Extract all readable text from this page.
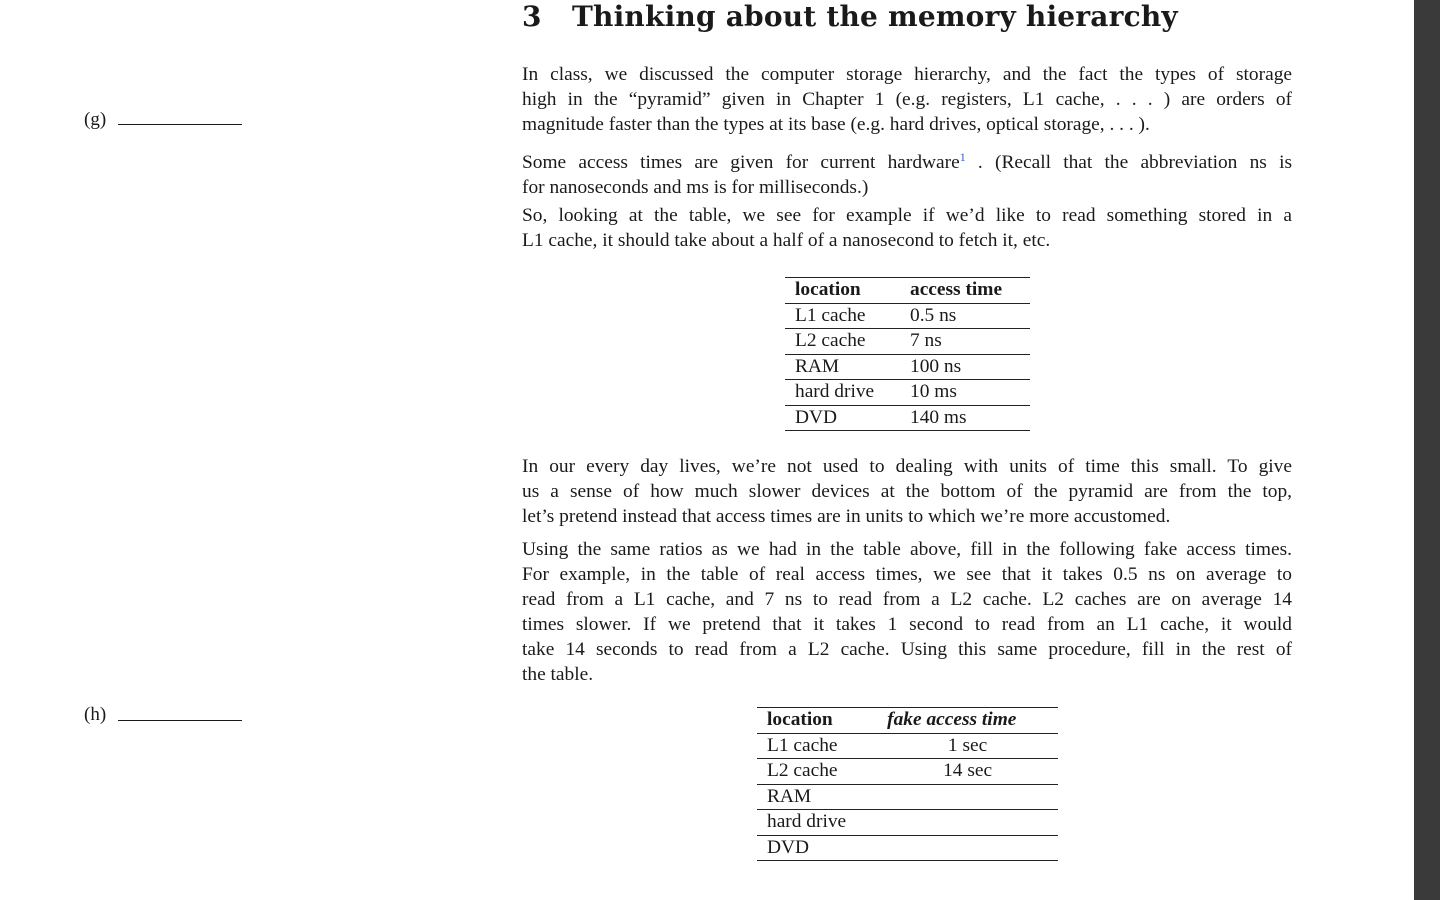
3 Thinking about the memory hierarchy

In class, we discussed the computer storage hierarchy, and the fact the types of storage
high in the “pyramid” given in Chapter 1 (e.g. registers, L1 cache, . . . ) are orders of
magnitude faster than the types at its base (e.g. hard drives, optical storage, . . . ).

Some access times are given for current hardware$^1$ . (Recall that the abbreviation ns is
for nanoseconds and ms is for milliseconds.)

So, looking at the table, we see for example if we’d like to read something stored in a
L1 cache, it should take about a half of a nanosecond to fetch it, etc.

(g)
location	access time
L1 cache	0.5 ns
L2 cache	7 ns
RAM	100 ns
hard drive	10 ms
DVD	140 ms

In our every day lives, we’re not used to dealing with units of time this small. To give
us a sense of how much slower devices at the bottom of the pyramid are from the top,
let’s pretend instead that access times are in units to which we’re more accustomed.

Using the same ratios as we had in the table above, fill in the following fake access times.
For example, in the table of real access times, we see that it takes 0.5 ns on average to
read from a L1 cache, and 7 ns to read from a L2 cache. L2 caches are on average 14
times slower. If we pretend that it takes 1 second to read from an L1 cache, it would
take 14 seconds to read from a L2 cache. Using this same procedure, fill in the rest of
the table.

(h)	location	fake access time
L1 cache	1 sec
L2 cache	14 sec
RAM	
hard drive	
DVD	
